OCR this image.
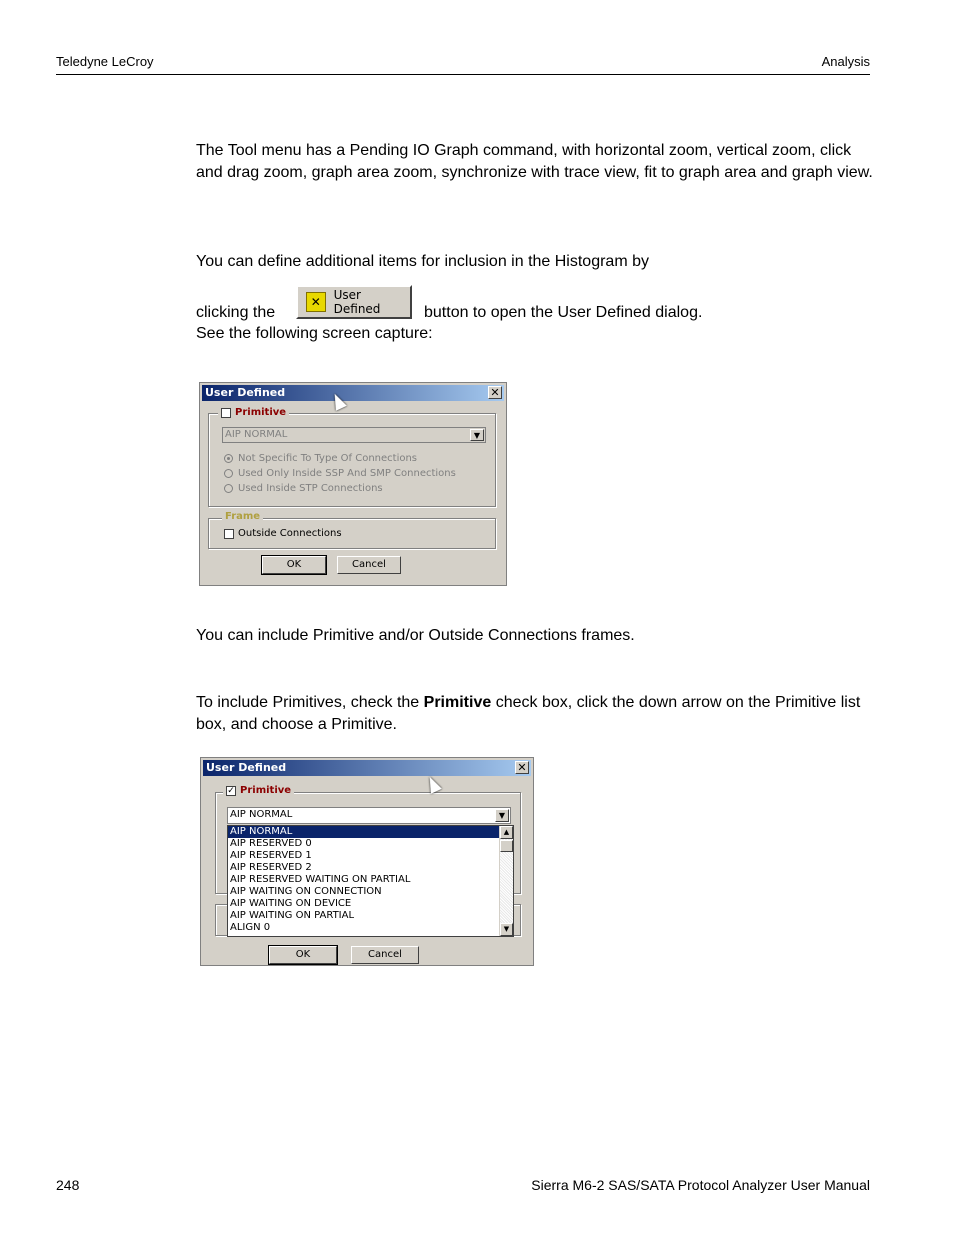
Teledyne LeCroy	Analysis
The Tool menu has a Pending IO Graph command, with horizontal zoom, vertical zoom, click and drag zoom, graph area zoom, synchronize with trace view, fit to graph area and graph view.
You can define additional items for inclusion in the Histogram by
clicking the
✕	User Defined	button to open the User Defined dialog.
See the following screen capture:
User Defined	✕
Primitive
AIP NORMAL	▼
Not Specific To Type Of Connections
Used Only Inside SSP And SMP Connections
Used Inside STP Connections
Frame
Outside Connections
OK	Cancel
You can include Primitive and/or Outside Connections frames.
To include Primitives, check the Primitive check box, click the down arrow on the Primitive list box, and choose a Primitive.
User Defined	✕
✓ Primitive
AIP NORMAL	▼
AIP NORMAL
AIP RESERVED 0
AIP RESERVED 1
AIP RESERVED 2
AIP RESERVED WAITING ON PARTIAL
AIP WAITING ON CONNECTION
AIP WAITING ON DEVICE
AIP WAITING ON PARTIAL
ALIGN 0
▲
▼
OK	Cancel
248	Sierra M6-2 SAS/SATA Protocol Analyzer User Manual
